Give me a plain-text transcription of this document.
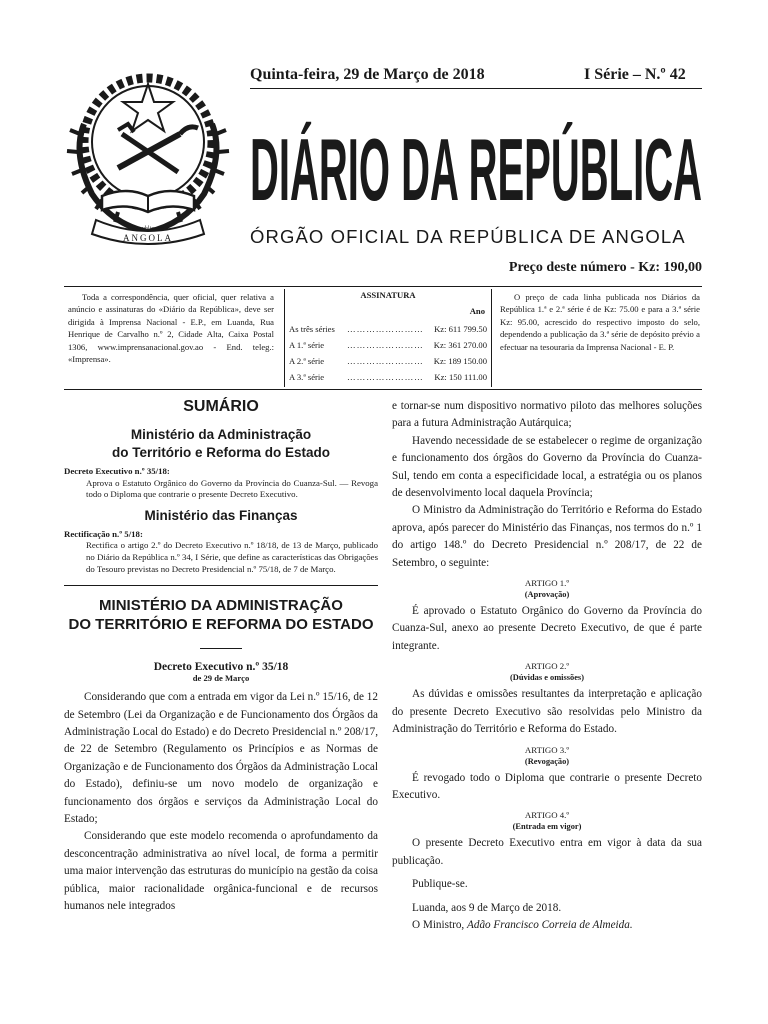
Republica de
ANGOLA
Quinta-feira, 29 de Março de 2018	I Série – N.º 42
DIÁRIO DA REPÚBLICA
ÓRGÃO OFICIAL DA REPÚBLICA DE ANGOLA
Preço deste número - Kz: 190,00
Toda a correspondência, quer oficial, quer relativa a anúncio e assinaturas do «Diário da República», deve ser dirigida à Imprensa Nacional - E.P., em Luanda, Rua Henrique de Carvalho n.º 2, Cidade Alta, Caixa Postal 1306, www.imprensanacional.gov.ao - End. teleg.: «Imprensa».
ASSINATURA
Ano
As três séries …………………… Kz: 611 799.50
A 1.ª série	…………………… Kz: 361 270.00
A 2.ª série	…………………… Kz: 189 150.00
A 3.ª série	…………………… Kz: 150 111.00
O preço de cada linha publicada nos Diários da República 1.ª e 2.ª série é de Kz: 75.00 e para a 3.ª série Kz: 95.00, acrescido do respectivo imposto do selo, dependendo a publicação da 3.ª série de depósito prévio a efectuar na tesouraria da Imprensa Nacional - E. P.
SUMÁRIO
Ministério da Administração
do Território e Reforma do Estado

Decreto Executivo n.º 35/18:

Aprova o Estatuto Orgânico do Governo da Província do Cuanza-Sul. — Revoga todo o Diploma que contrarie o presente Decreto Executivo.

Ministério das Finanças

Rectificação n.º 5/18:

Rectifica o artigo 2.º do Decreto Executivo n.º 18/18, de 13 de Março, publicado no Diário da República n.º 34, I Série, que define as características das Obrigações do Tesouro previstas no Decreto Presidencial n.º 75/18, de 7 de Março.

MINISTÉRIO DA ADMINISTRAÇÃO
DO TERRITÓRIO E REFORMA DO ESTADO

Decreto Executivo n.º 35/18

de 29 de Março

Considerando que com a entrada em vigor da Lei n.º 15/16, de 12 de Setembro (Lei da Organização e de Funcionamento dos Órgãos da Administração Local do Estado) e do Decreto Presidencial n.º 208/17, de 22 de Setembro (Regulamento os Princípios e as Normas de Organização e de Funcionamento dos Órgãos da Administração Local do Estado), definiu-se um novo modelo de organização e funcionamento dos órgãos e serviços da Administração Local do Estado;

Considerando que este modelo recomenda o aprofundamento da desconcentração administrativa ao nível local, de forma a permitir uma maior intervenção das estruturas do município na gestão da coisa pública, maior racionalidade orgânica-funcional e de recursos humanos nele integrados

e tornar-se num dispositivo normativo piloto das melhores soluções para a futura Administração Autárquica;

Havendo necessidade de se estabelecer o regime de organização e funcionamento dos órgãos do Governo da Província do Cuanza-Sul, tendo em conta a especificidade local, a estratégia ou os planos de desenvolvimento local daquela Província;

O Ministro da Administração do Território e Reforma do Estado aprova, após parecer do Ministério das Finanças, nos termos do n.º 1 do artigo 148.º do Decreto Presidencial n.º 208/17, de 22 de Setembro, o seguinte:

ARTIGO 1.º
(Aprovação)

É aprovado o Estatuto Orgânico do Governo da Província do Cuanza-Sul, anexo ao presente Decreto Executivo, de que é parte integrante.

ARTIGO 2.º
(Dúvidas e omissões)

As dúvidas e omissões resultantes da interpretação e aplicação do presente Decreto Executivo são resolvidas pelo Ministro da Administração do Território e Reforma do Estado.

ARTIGO 3.º
(Revogação)

É revogado todo o Diploma que contrarie o presente Decreto Executivo.

ARTIGO 4.º
(Entrada em vigor)

O presente Decreto Executivo entra em vigor à data da sua publicação.

Publique-se.

Luanda, aos 9 de Março de 2018.

O Ministro, Adão Francisco Correia de Almeida.
